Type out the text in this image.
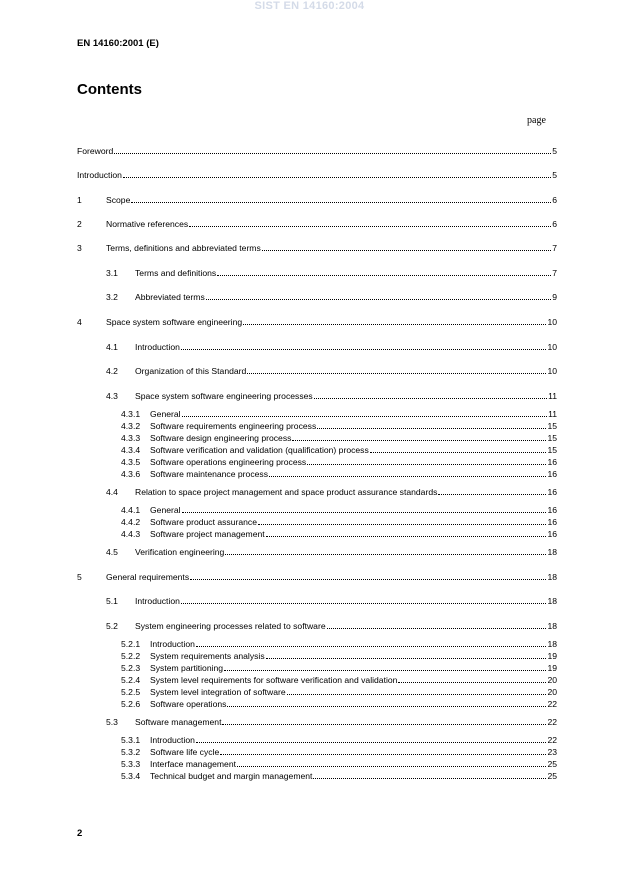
SIST EN 14160:2004
EN 14160:2001 (E)
Contents
page
Foreword	5
Introduction	5
1	Scope	6
2	Normative references	6
3	Terms, definitions and abbreviated terms	7
3.1	Terms and definitions	7
3.2	Abbreviated terms	9
4	Space system software engineering	10
4.1	Introduction	10
4.2	Organization of this Standard	10
4.3	Space system software engineering processes	11
4.3.1	General	11
4.3.2	Software requirements engineering process	15
4.3.3	Software design engineering process	15
4.3.4	Software verification and validation (qualification) process	15
4.3.5	Software operations engineering process	16
4.3.6	Software maintenance process	16
4.4	Relation to space project management and space product assurance standards	16
4.4.1	General	16
4.4.2	Software product assurance	16
4.4.3	Software project management	16
4.5	Verification engineering	18
5	General requirements	18
5.1	Introduction	18
5.2	System engineering processes related to software	18
5.2.1	Introduction	18
5.2.2	System requirements analysis	19
5.2.3	System partitioning	19
5.2.4	System level requirements for software verification and validation	20
5.2.5	System level integration of software	20
5.2.6	Software operations	22
5.3	Software management	22
5.3.1	Introduction	22
5.3.2	Software life cycle	23
5.3.3	Interface management	25
5.3.4	Technical budget and margin management	25
2
